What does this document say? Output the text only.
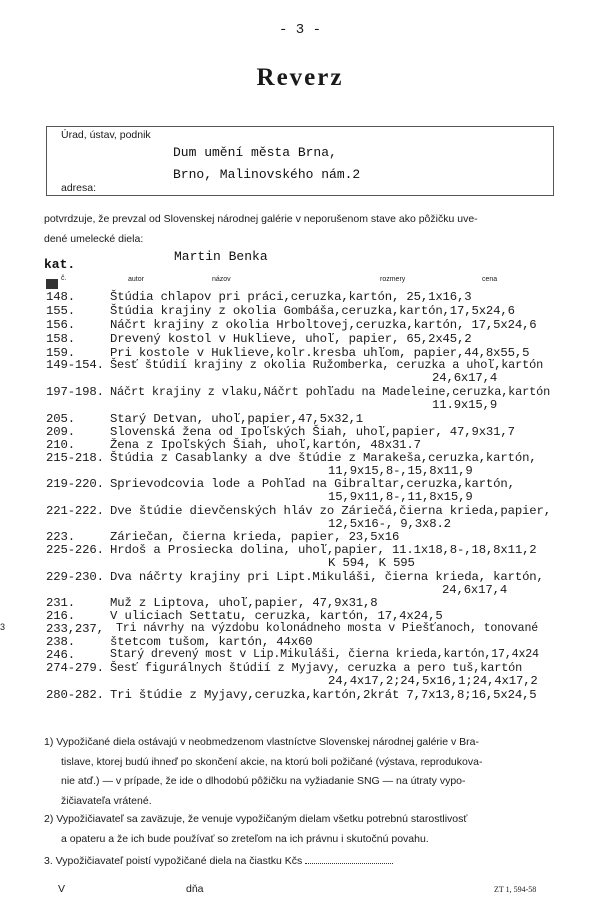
- 3 -
Reverz
Úrad, ústav, podnik
Dum umění města Brna,
Brno, Malinovského nám.2
adresa:
potvrdzuje, že prevzal od Slovenskej národnej galérie v neporušenom stave ako pôžičku uve-
dené umelecké diela:
Martin Benka
kat.
č.	autor	názov	rozmery	cena
148.	Štúdia chlapov pri práci,ceruzka,kartón, 25,1x16,3
155.	Štúdia krajiny z okolia Gombáša,ceruzka,kartón,17,5x24,6
156.	Náčrt krajiny z okolia Hrboltovej,ceruzka,kartón, 17,5x24,6
158.	Drevený kostol v Huklieve, uhoľ, papier, 65,2x45,2
159.	Pri kostole v Huklieve,kolr.kresba uhľom, papier,44,8x55,5
149-154. Šesť štúdií krajiny z okolia Ružomberka, ceruzka a uhoľ,kartón
24,6x17,4
197-198. Náčrt krajiny z vlaku,Náčrt pohľadu na Madeleine,ceruzka,kartón
11.9x15,9
205.	Starý Detvan, uhoľ,papier,47,5x32,1
209.	Slovenská žena od Ipoľských Šiah, uhoľ,papier, 47,9x31,7
210.	Žena z Ipoľských Šiah, uhoľ,kartón, 48x31.7
215-218. Štúdia z Casablanky a dve štúdie z Marakeša,ceruzka,kartón,
11,9x15,8-,15,8x11,9
219-220. Sprievodcovia lode a Pohľad na Gibraltar,ceruzka,kartón,
15,9x11,8-,11,8x15,9
221-222. Dve štúdie dievčenských hláv zo Záriečá,čierna krieda,papier,
12,5x16-, 9,3x8.2
223.	Záriečan, čierna krieda, papier, 23,5x16
225-226. Hrdoš a Prosiecka dolina, uhoľ,papier, 11.1x18,8-,18,8x11,2
K 594, K 595
229-230. Dva náčrty krajiny pri Lipt.Mikuláši, čierna krieda, kartón,
24,6x17,4
231.	Muž z Liptova, uhoľ,papier, 47,9x31,8
216.	V uliciach Settatu, ceruzka, kartón, 17,4x24,5
3	233,237, Tri návrhy na výzdobu kolonádneho mosta v Piešťanoch, tonované
238.	štetcom tušom, kartón, 44x60
246.	Starý drevený most v Lip.Mikuláši, čierna krieda,kartón,17,4x24
274-279. Šesť figurálnych štúdií z Myjavy, ceruzka a pero tuš,kartón
24,4x17,2;24,5x16,1;24,4x17,2
280-282. Tri štúdie z Myjavy,ceruzka,kartón,2krát 7,7x13,8;16,5x24,5
1) Vypožičané diela ostávajú v neobmedzenom vlastníctve Slovenskej národnej galérie v Bra-
tislave, ktorej budú ihneď po skončení akcie, na ktorú boli požičané (výstava, reprodukova-
nie atď.) — v prípade, že ide o dlhodobú pôžičku na vyžiadanie SNG — na útraty vypo-
žičiavateľa vrátené.
2) Vypožičiavateľ sa zaväzuje, že venuje vypožičaným dielam všetku potrebnú starostlivosť
a opateru a že ich bude používať so zreteľom na ich právnu i skutočnú povahu.
3. Vypožičiavateľ poistí vypožičané diela na čiastku Kčs
V	dňa	ZT 1, 594-58
